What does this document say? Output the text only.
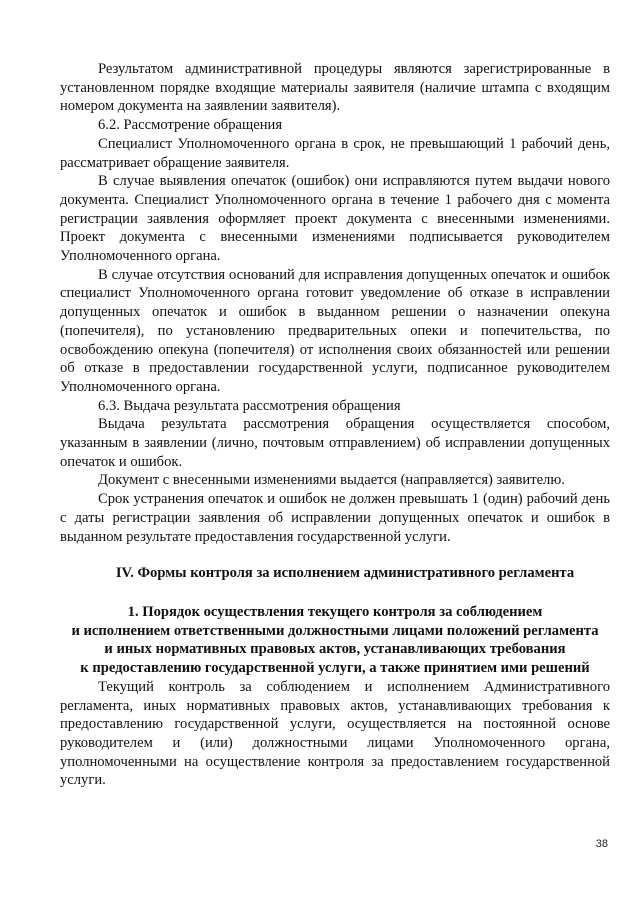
Результатом административной процедуры являются зарегистрированные в установленном порядке входящие материалы заявителя (наличие штампа с входящим номером документа на заявлении заявителя).

6.2. Рассмотрение обращения

Специалист Уполномоченного органа в срок, не превышающий 1 рабочий день, рассматривает обращение заявителя.

В случае выявления опечаток (ошибок) они исправляются путем выдачи нового документа. Специалист Уполномоченного органа в течение 1 рабочего дня с момента регистрации заявления оформляет проект документа с внесенными изменениями. Проект документа с внесенными изменениями подписывается руководителем Уполномоченного органа.

В случае отсутствия оснований для исправления допущенных опечаток и ошибок специалист Уполномоченного органа готовит уведомление об отказе в исправлении допущенных опечаток и ошибок в выданном решении о назначении опекуна (попечителя), по установлению предварительных опеки и попечительства, по освобождению опекуна (попечителя) от исполнения своих обязанностей или решении об отказе в предоставлении государственной услуги, подписанное руководителем Уполномоченного органа.

6.3. Выдача результата рассмотрения обращения

Выдача результата рассмотрения обращения осуществляется способом, указанным в заявлении (лично, почтовым отправлением) об исправлении допущенных опечаток и ошибок.

Документ с внесенными изменениями выдается (направляется) заявителю.

Срок устранения опечаток и ошибок не должен превышать 1 (один) рабочий день с даты регистрации заявления об исправлении допущенных опечаток и ошибок в выданном результате предоставления государственной услуги.

IV. Формы контроля за исполнением административного регламента

1. Порядок осуществления текущего контроля за соблюдением

и исполнением ответственными должностными лицами положений регламента

и иных нормативных правовых актов, устанавливающих требования

к предоставлению государственной услуги, а также принятием ими решений

Текущий контроль за соблюдением и исполнением Административного регламента, иных нормативных правовых актов, устанавливающих требования к предоставлению государственной услуги, осуществляется на постоянной основе руководителем и (или) должностными лицами Уполномоченного органа, уполномоченными на осуществление контроля за предоставлением государственной услуги.

38
